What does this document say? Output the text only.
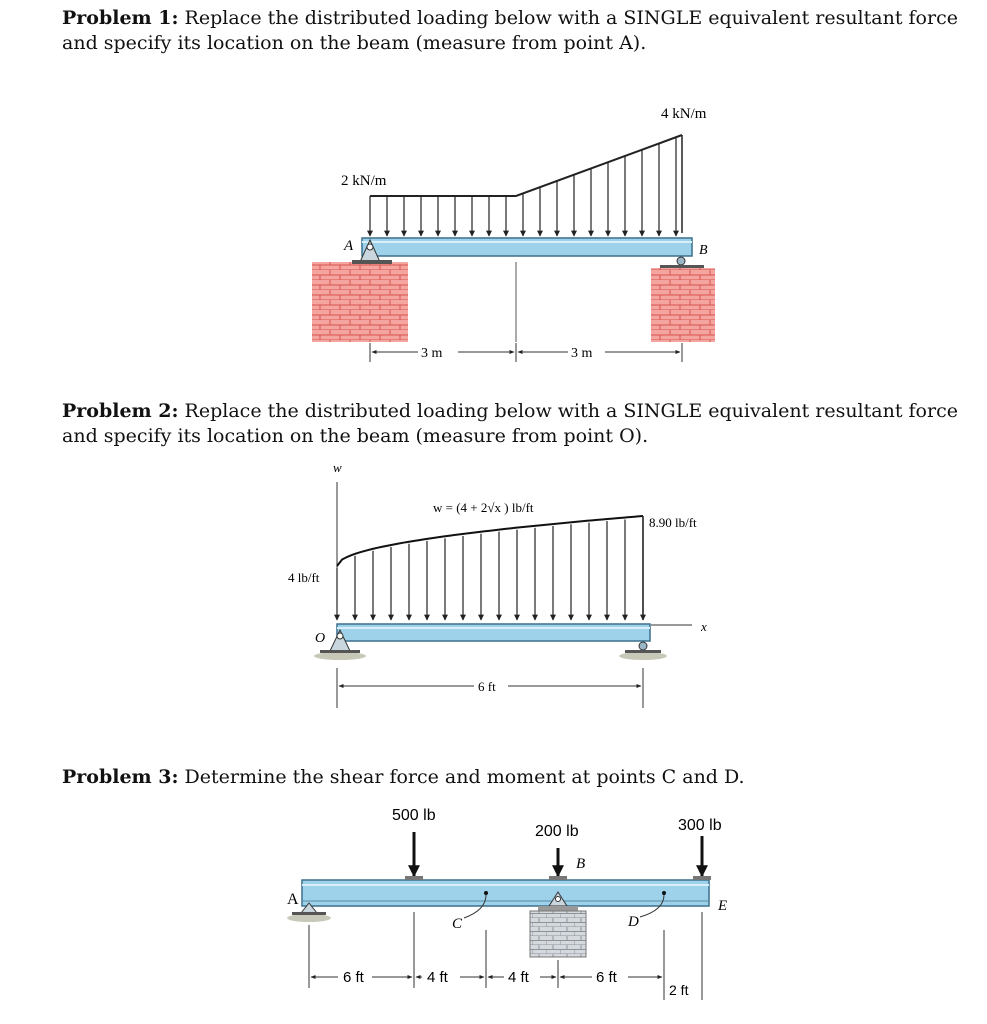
Problem 1: Replace the distributed loading below with a SINGLE equivalent resultant force
and specify its location on the beam (measure from point A).
Problem 2: Replace the distributed loading below with a SINGLE equivalent resultant force
and specify its location on the beam (measure from point O).
Problem 3: Determine the shear force and moment at points C and D.
2 kN/m
4 kN/m
A	B
3 m	3 m
w
x
w = (4 + 2√x ) lb/ft
8.90 lb/ft
4 lb/ft
O
6 ft
500 lb
200 lb	300 lb
A
B
C	D
E
6 ft	4 ft	4 ft	6 ft
2 ft
